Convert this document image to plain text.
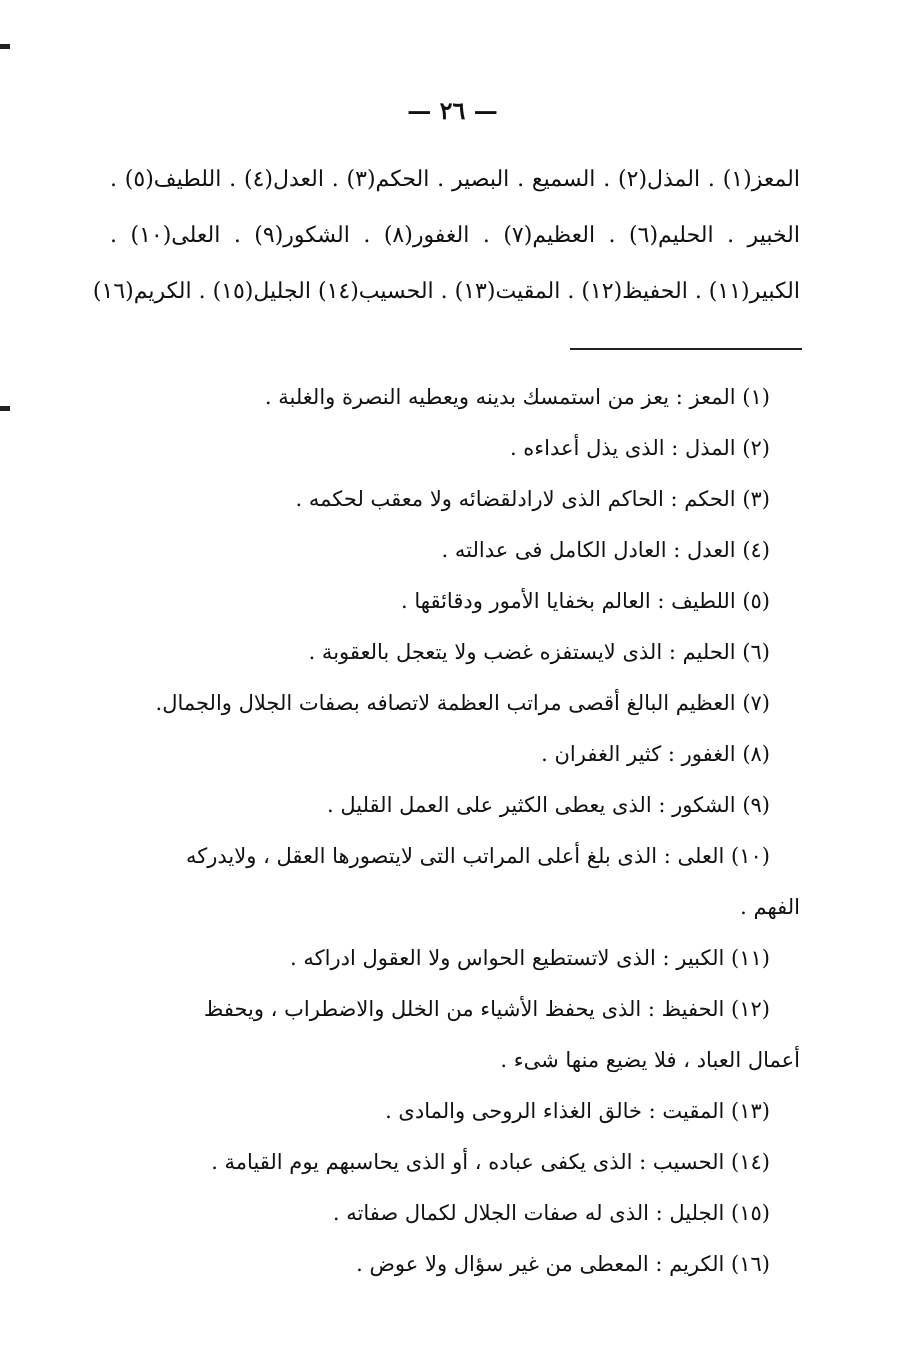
— ٢٦ —
المعز(١) . المذل(٢) . السميع . البصير . الحكم(٣) . العدل(٤) . اللطيف(٥) .
الخبير . الحليم(٦) . العظيم(٧) . الغفور(٨) . الشكور(٩) . العلى(١٠) .
الكبير(١١) . الحفيظ(١٢) . المقيت(١٣) . الحسيب(١٤) الجليل(١٥) . الكريم(١٦)
(١) المعز : يعز من استمسك بدينه ويعطيه النصرة والغلبة .
(٢) المذل : الذى يذل أعداءه .
(٣) الحكم : الحاكم الذى لارادلقضائه ولا معقب لحكمه .
(٤) العدل : العادل الكامل فى عدالته .
(٥) اللطيف : العالم بخفايا الأمور ودقائقها .
(٦) الحليم : الذى لايستفزه غضب ولا يتعجل بالعقوبة .
(٧) العظيم البالغ أقصى مراتب العظمة لاتصافه بصفات الجلال والجمال.
(٨) الغفور : كثير الغفران .
(٩) الشكور : الذى يعطى الكثير على العمل القليل .
(١٠) العلى : الذى بلغ أعلى المراتب التى لايتصورها العقل ، ولايدركه
الفهم .
(١١) الكبير : الذى لاتستطيع الحواس ولا العقول ادراكه .
(١٢) الحفيظ : الذى يحفظ الأشياء من الخلل والاضطراب ، ويحفظ
أعمال العباد ، فلا يضيع منها شىء .
(١٣) المقيت : خالق الغذاء الروحى والمادى .
(١٤) الحسيب : الذى يكفى عباده ، أو الذى يحاسبهم يوم القيامة .
(١٥) الجليل : الذى له صفات الجلال لكمال صفاته .
(١٦) الكريم : المعطى من غير سؤال ولا عوض .
